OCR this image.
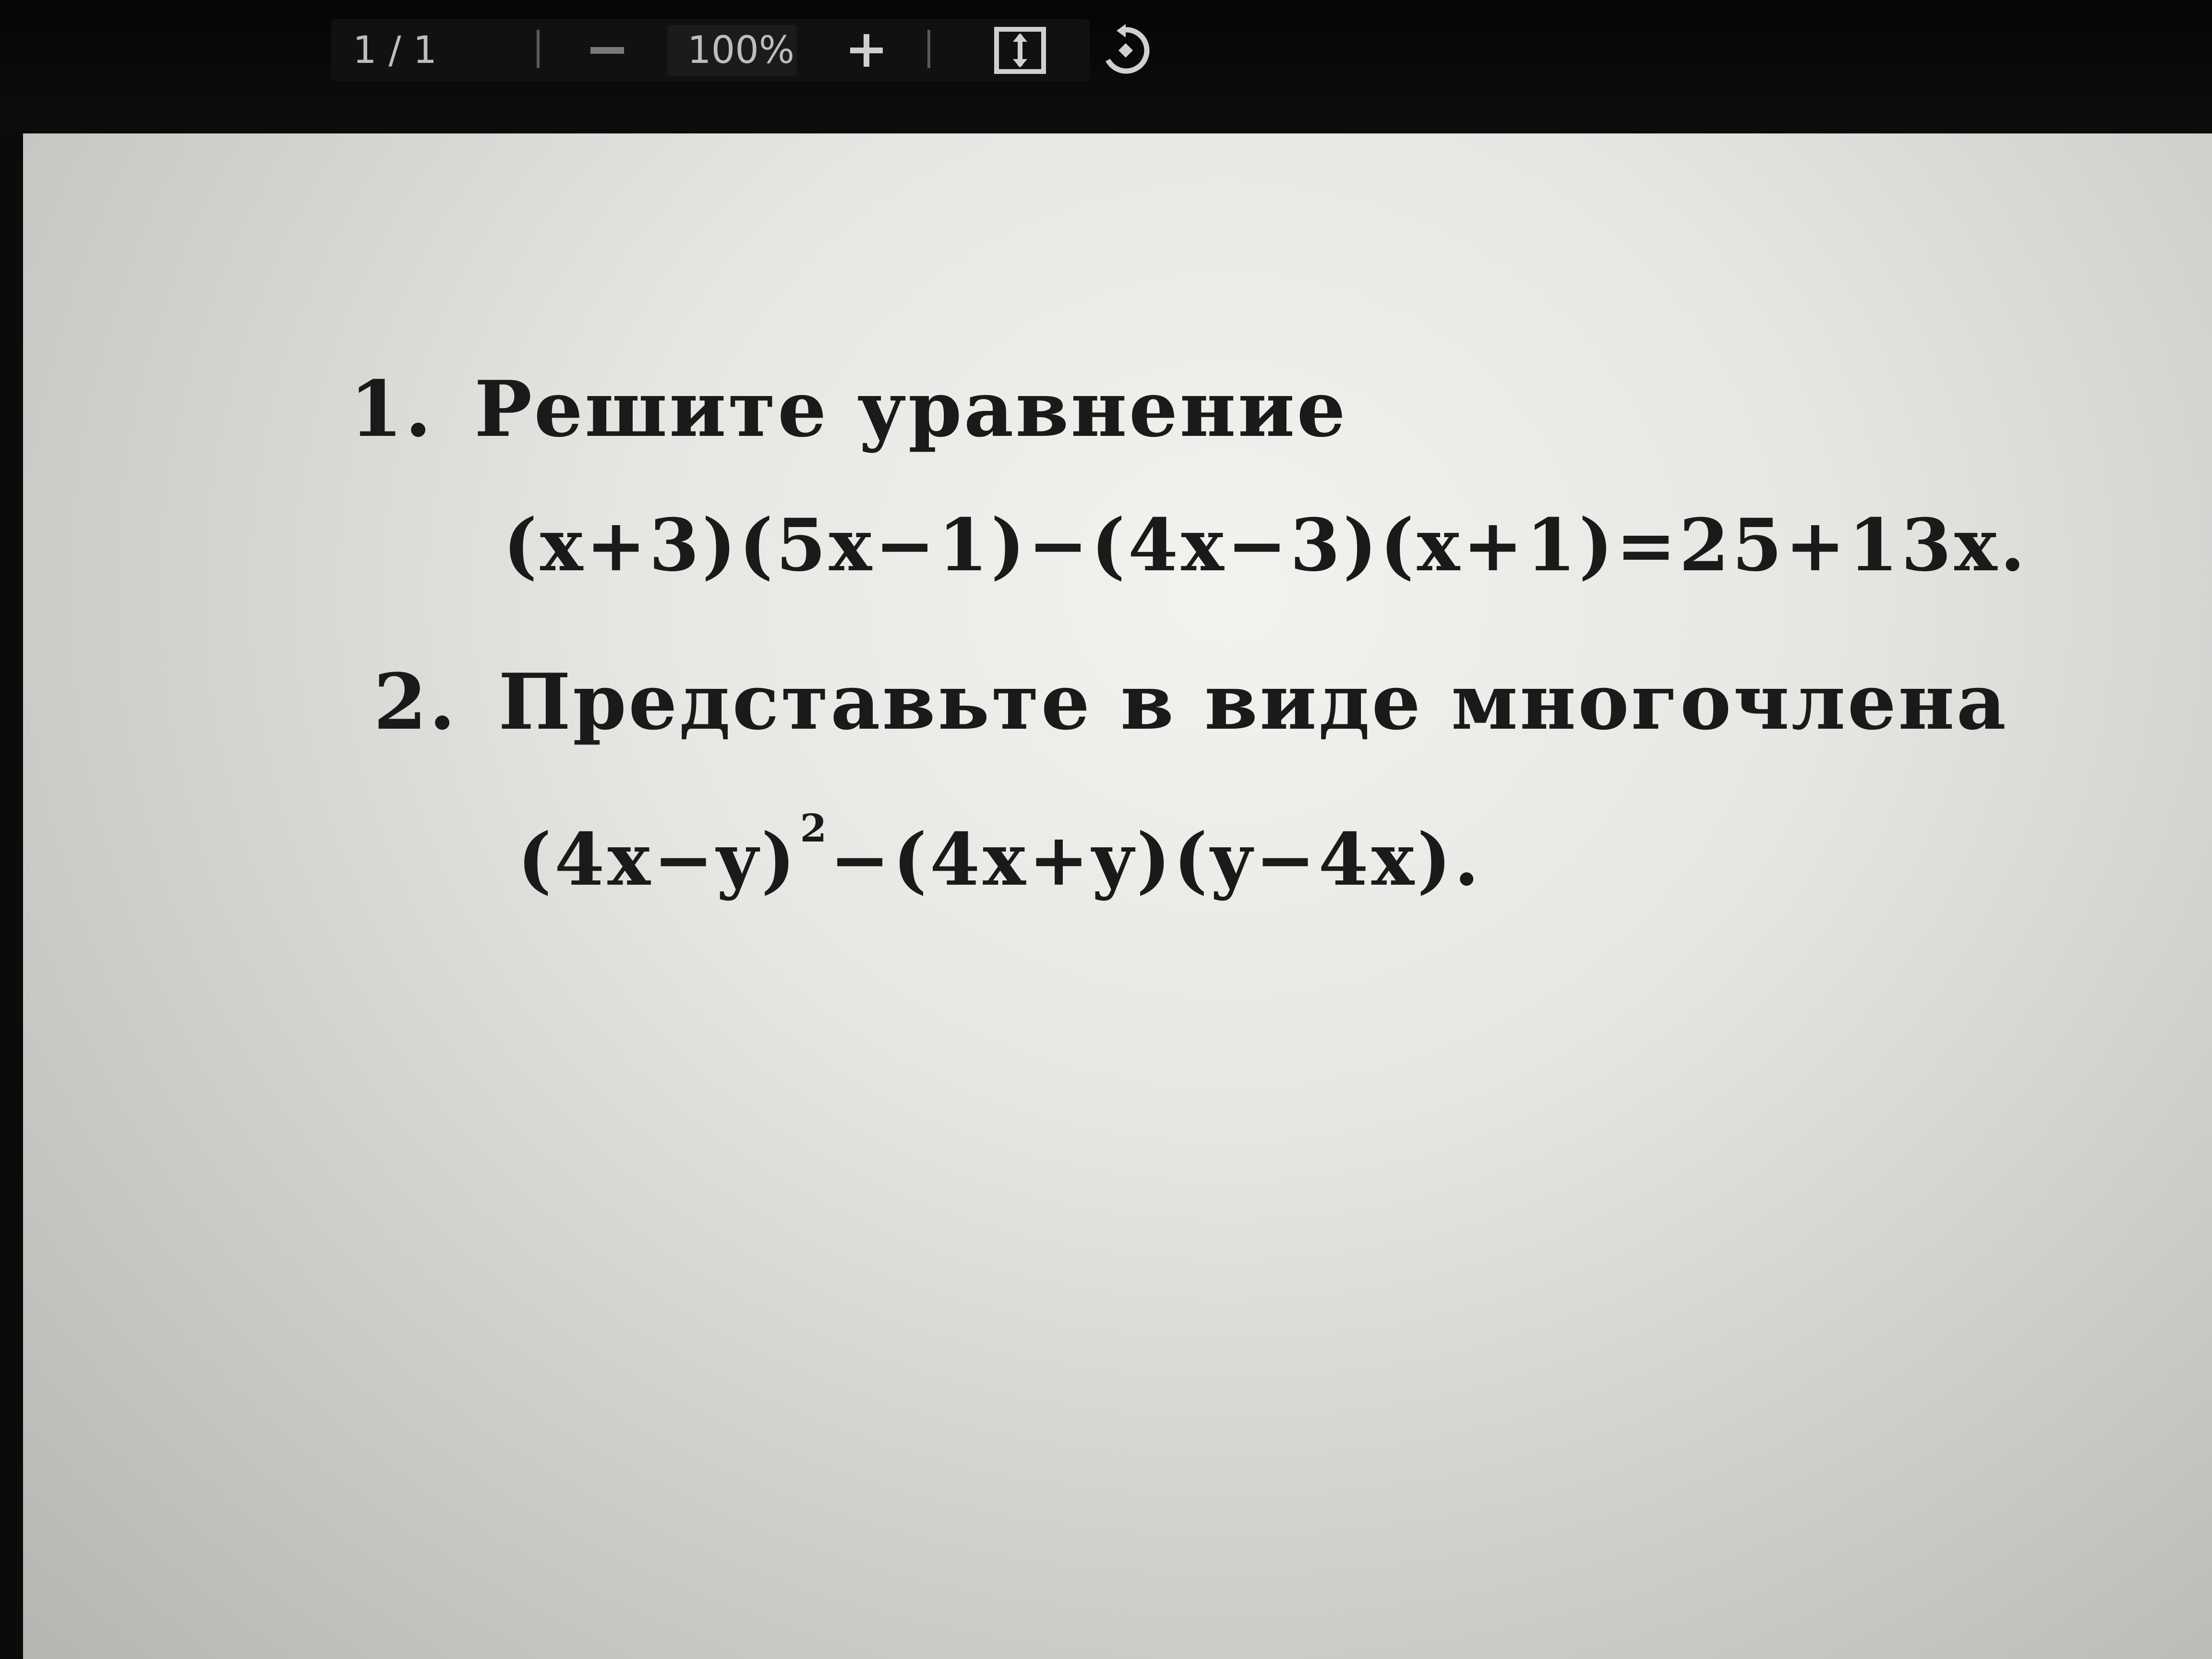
1 / 1	100%
1. Решите уравнение
(x+3)(5x−1)−(4x−3)(x+1)=25+13x.
2. Представьте в виде многочлена
$(4x-y)^2-(4x+y)(y-4x)$.
